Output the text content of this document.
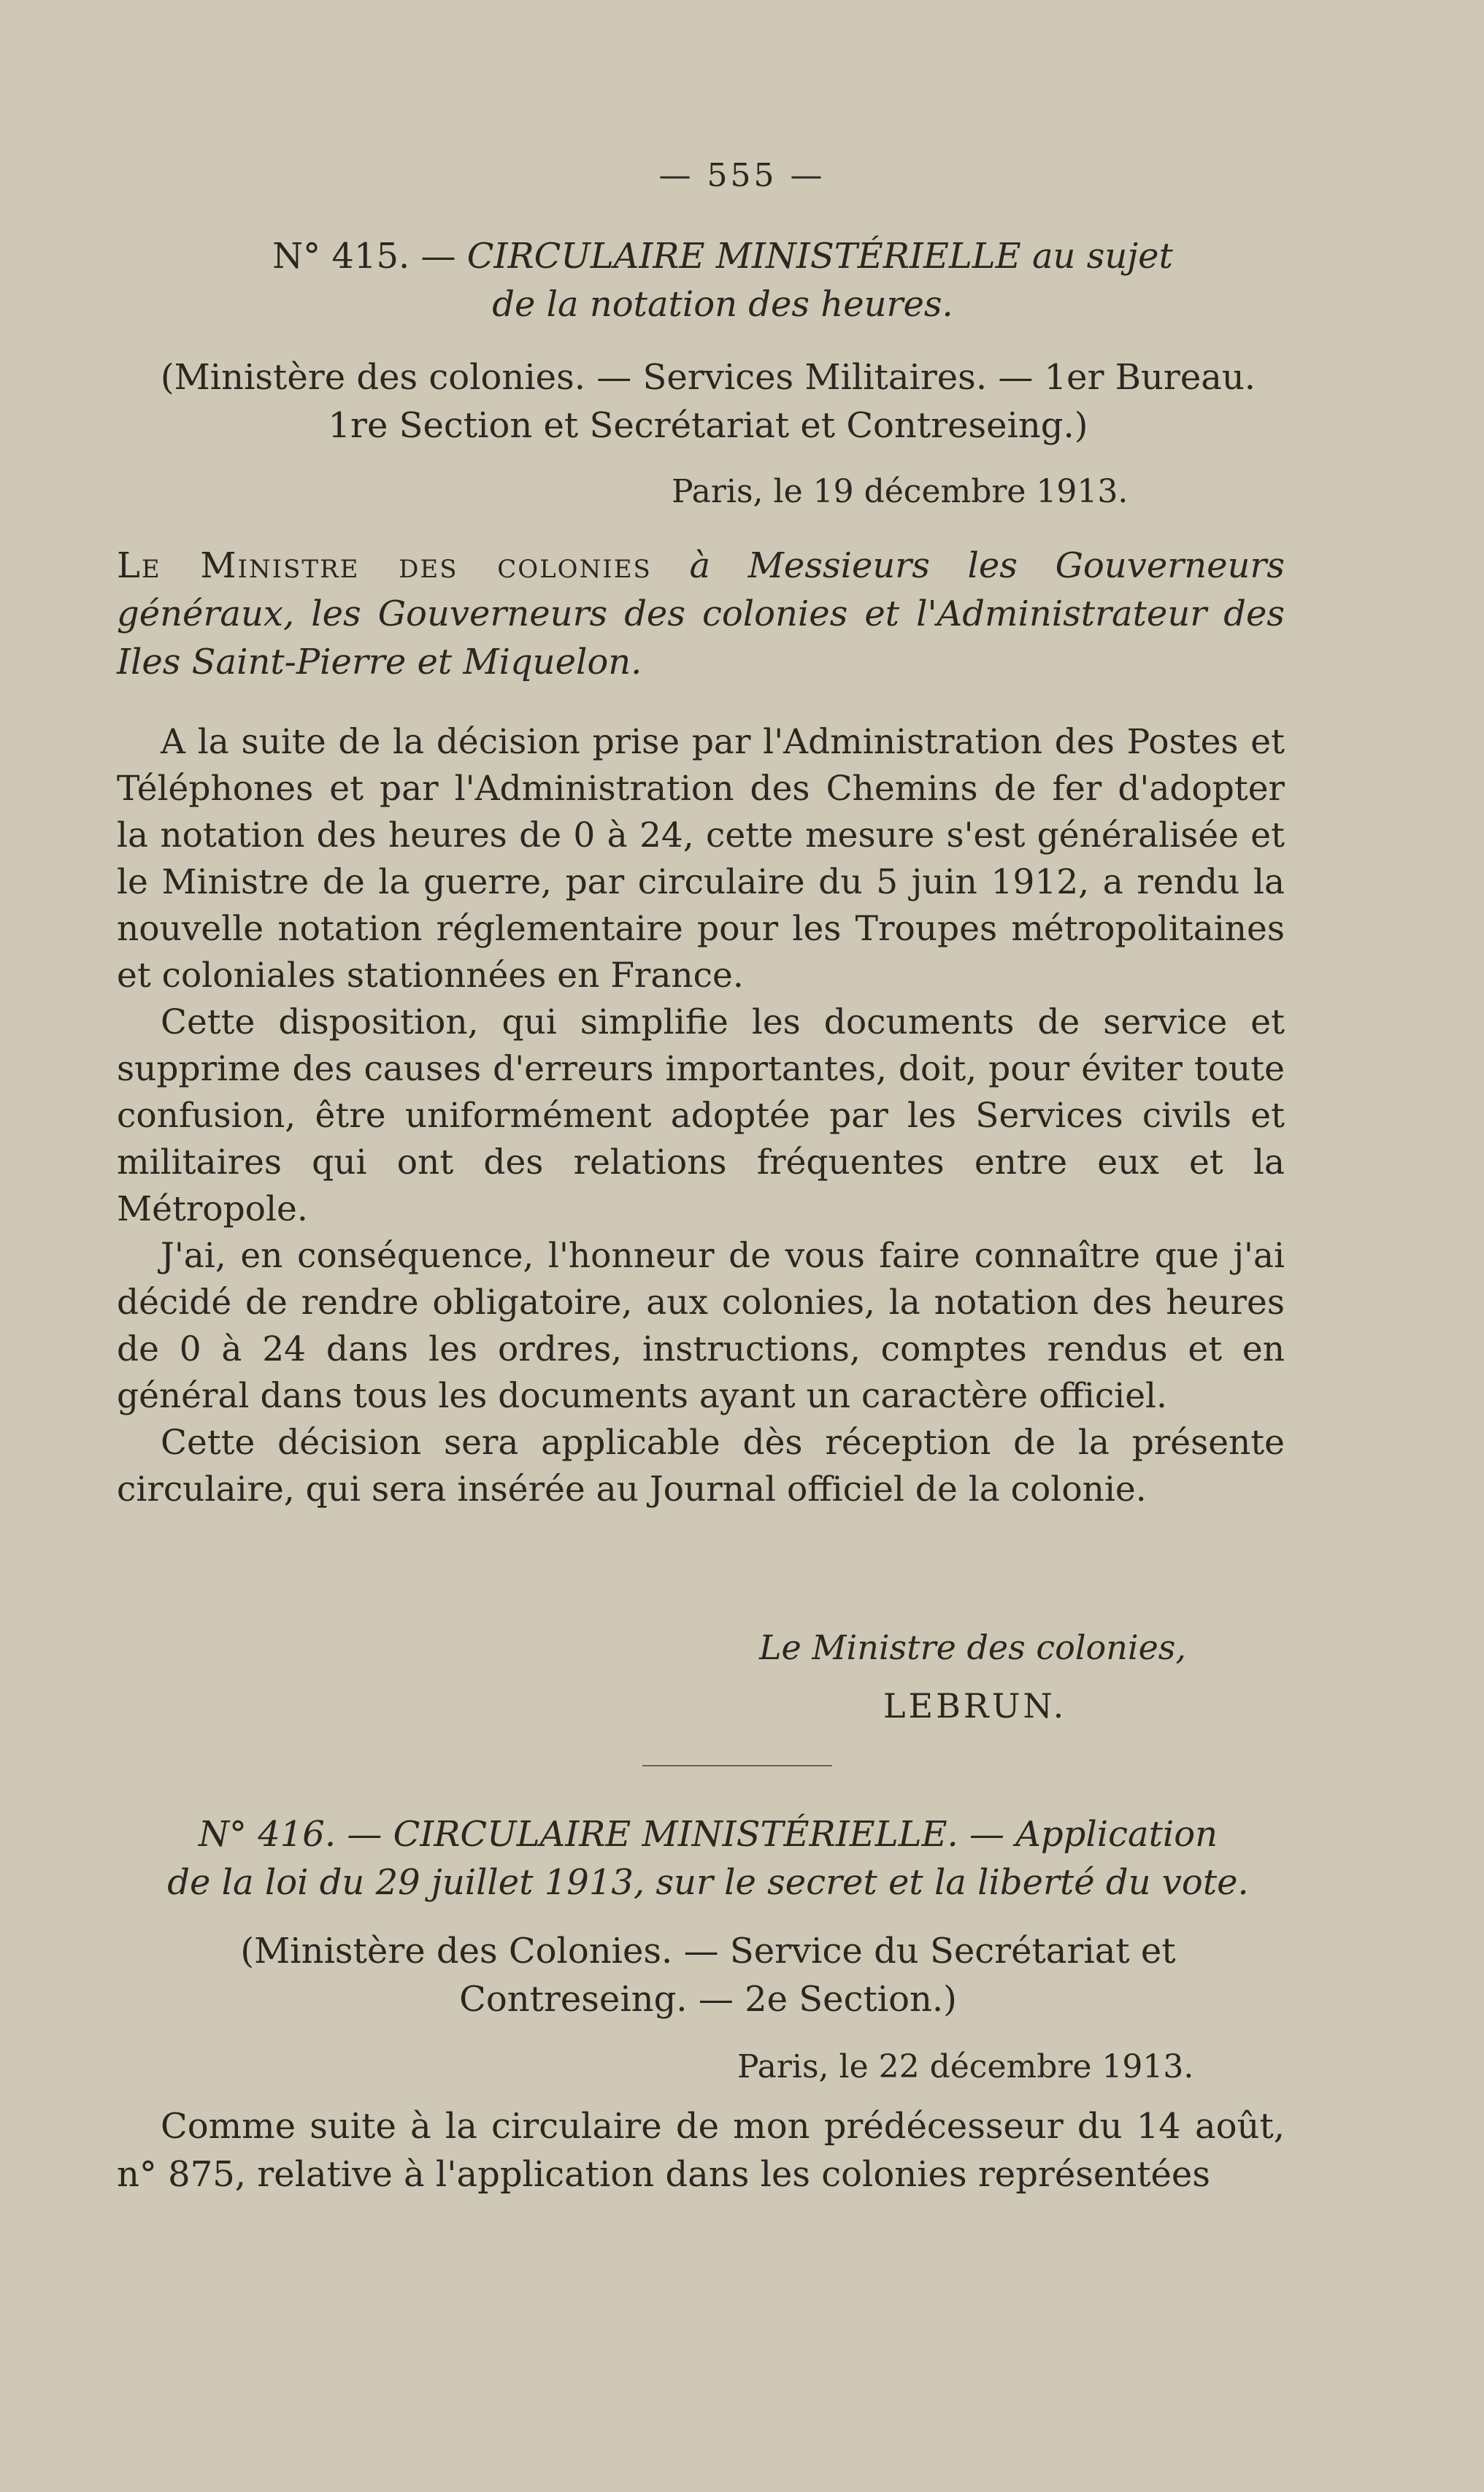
— 555 —
N° 415. — CIRCULAIRE MINISTÉRIELLE au sujet
de la notation des heures.
(Ministère des colonies. — Services Militaires. — 1er Bureau.
1re Section et Secrétariat et Contreseing.)
Paris, le 19 décembre 1913.
Le Ministre des colonies à Messieurs les Gouverneurs généraux, les Gouverneurs des colonies et l'Administrateur des Iles Saint-Pierre et Miquelon.

A la suite de la décision prise par l'Administration des Postes et Téléphones et par l'Administration des Chemins de fer d'adopter la notation des heures de 0 à 24, cette mesure s'est généralisée et le Ministre de la guerre, par circulaire du 5 juin 1912, a rendu la nouvelle notation réglementaire pour les Troupes métropolitaines et coloniales stationnées en France.

Cette disposition, qui simplifie les documents de service et supprime des causes d'erreurs importantes, doit, pour éviter toute confusion, être uniformément adoptée par les Services civils et militaires qui ont des relations fréquentes entre eux et la Métropole.

J'ai, en conséquence, l'honneur de vous faire connaître que j'ai décidé de rendre obligatoire, aux colonies, la notation des heures de 0 à 24 dans les ordres, instructions, comptes rendus et en général dans tous les documents ayant un caractère officiel.

Cette décision sera applicable dès réception de la présente circulaire, qui sera insérée au Journal officiel de la colonie.

Le Ministre des colonies,
LEBRUN.
N° 416. — CIRCULAIRE MINISTÉRIELLE. — Application
de la loi du 29 juillet 1913, sur le secret et la liberté du vote.
(Ministère des Colonies. — Service du Secrétariat et
Contreseing. — 2e Section.)
Paris, le 22 décembre 1913.

Comme suite à la circulaire de mon prédécesseur du 14 août, n° 875, relative à l'application dans les colonies représentées
